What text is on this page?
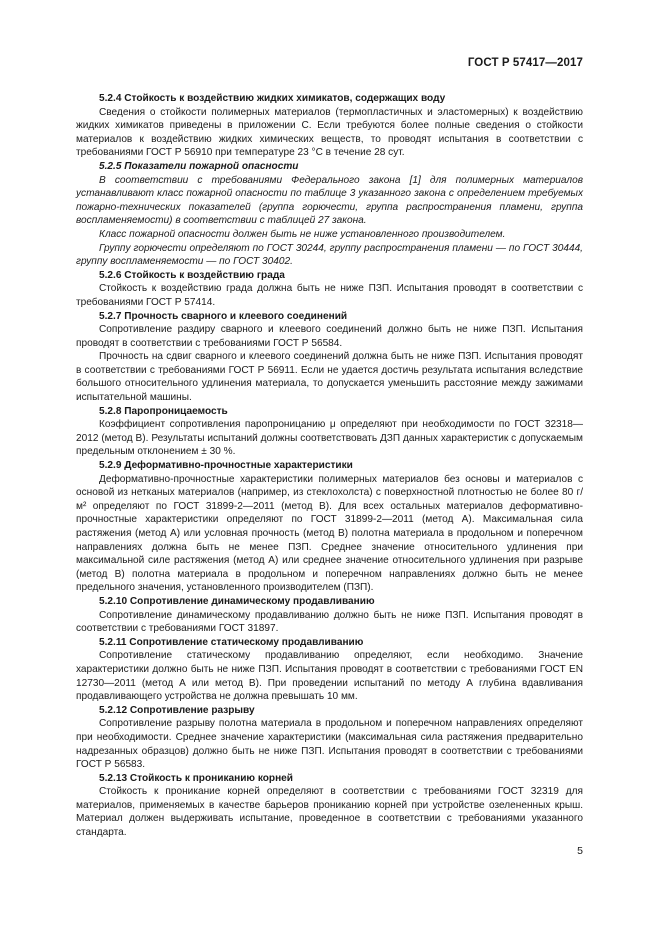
ГОСТ Р 57417—2017

5.2.4 Стойкость к воздействию жидких химикатов, содержащих воду

Сведения о стойкости полимерных материалов (термопластичных и эластомерных) к воздействию жидких химикатов приведены в приложении С. Если требуются более полные сведения о стойкости материалов к воздействию жидких химических веществ, то проводят испытания в соответствии с требованиями ГОСТ Р 56910 при температуре 23 °С в течение 28 сут.

5.2.5 Показатели пожарной опасности

В соответствии с требованиями Федерального закона [1] для полимерных материалов устанавливают класс пожарной опасности по таблице 3 указанного закона с определением требуемых пожарно-технических показателей (группа горючести, группа распространения пламени, группа воспламеняемости) в соответствии с таблицей 27 закона.

Класс пожарной опасности должен быть не ниже установленного производителем.

Группу горючести определяют по ГОСТ 30244, группу распространения пламени — по ГОСТ 30444, группу воспламеняемости — по ГОСТ 30402.

5.2.6 Стойкость к воздействию града

Стойкость к воздействию града должна быть не ниже ПЗП. Испытания проводят в соответствии с требованиями ГОСТ Р 57414.

5.2.7 Прочность сварного и клеевого соединений

Сопротивление раздиру сварного и клеевого соединений должно быть не ниже ПЗП. Испытания проводят в соответствии с требованиями ГОСТ Р 56584.

Прочность на сдвиг сварного и клеевого соединений должна быть не ниже ПЗП. Испытания проводят в соответствии с требованиями ГОСТ Р 56911. Если не удается достичь результата испытания вследствие большого относительного удлинения материала, то допускается уменьшить расстояние между зажимами испытательной машины.

5.2.8 Паропроницаемость

Коэффициент сопротивления паропроницанию μ определяют при необходимости по ГОСТ 32318—2012 (метод В). Результаты испытаний должны соответствовать ДЗП данных характеристик с допускаемым предельным отклонением ± 30 %.

5.2.9 Деформативно-прочностные характеристики

Деформативно-прочностные характеристики полимерных материалов без основы и материалов с основой из нетканых материалов (например, из стеклохолста) с поверхностной плотностью не более 80 г/м² определяют по ГОСТ 31899-2—2011 (метод В). Для всех остальных материалов деформативно-прочностные характеристики определяют по ГОСТ 31899-2—2011 (метод А). Максимальная сила растяжения (метод А) или условная прочность (метод В) полотна материала в продольном и поперечном направлениях должна быть не менее ПЗП. Среднее значение относительного удлинения при максимальной силе растяжения (метод А) или среднее значение относительного удлинения при разрыве (метод В) полотна материала в продольном и поперечном направлениях должно быть не менее предельного значения, установленного производителем (ПЗП).

5.2.10 Сопротивление динамическому продавливанию

Сопротивление динамическому продавливанию должно быть не ниже ПЗП. Испытания проводят в соответствии с требованиями ГОСТ 31897.

5.2.11 Сопротивление статическому продавливанию

Сопротивление статическому продавливанию определяют, если необходимо. Значение характеристики должно быть не ниже ПЗП. Испытания проводят в соответствии с требованиями ГОСТ EN 12730—2011 (метод А или метод В). При проведении испытаний по методу А глубина вдавливания продавливающего устройства не должна превышать 10 мм.

5.2.12 Сопротивление разрыву

Сопротивление разрыву полотна материала в продольном и поперечном направлениях определяют при необходимости. Среднее значение характеристики (максимальная сила растяжения предварительно надрезанных образцов) должно быть не ниже ПЗП. Испытания проводят в соответствии с требованиями ГОСТ Р 56583.

5.2.13 Стойкость к прониканию корней

Стойкость к проникание корней определяют в соответствии с требованиями ГОСТ 32319 для материалов, применяемых в качестве барьеров прониканию корней при устройстве озелененных крыш. Материал должен выдерживать испытание, проведенное в соответствии с требованиями указанного стандарта.

5
